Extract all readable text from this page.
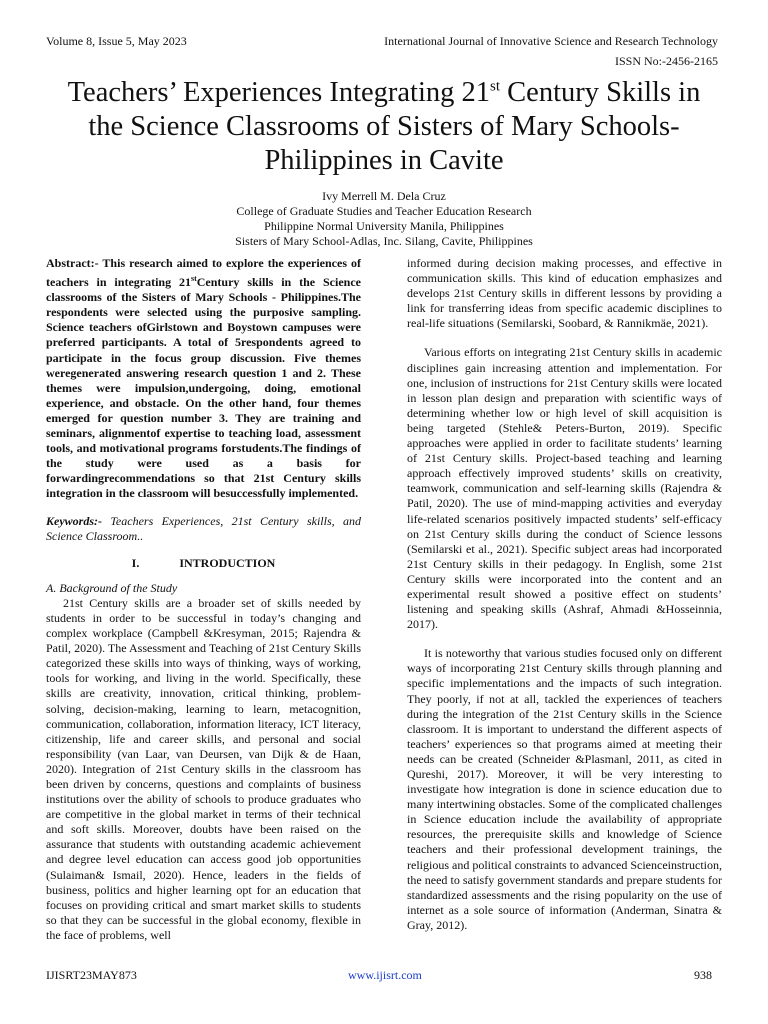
Volume 8, Issue 5, May 2023	International Journal of Innovative Science and Research Technology
ISSN No:-2456-2165
Teachers’ Experiences Integrating 21st Century Skills in the Science Classrooms of Sisters of Mary Schools-Philippines in Cavite
Ivy Merrell M. Dela Cruz
College of Graduate Studies and Teacher Education Research
Philippine Normal University Manila, Philippines
Sisters of Mary School-Adlas, Inc. Silang, Cavite, Philippines

Abstract:- This research aimed to explore the experiences of teachers in integrating 21stCentury skills in the Science classrooms of the Sisters of Mary Schools - Philippines.The respondents were selected using the purposive sampling. Science teachers ofGirlstown and Boystown campuses were preferred participants. A total of 5respondents agreed to participate in the focus group discussion. Five themes weregenerated answering research question 1 and 2. These themes were impulsion,undergoing, doing, emotional experience, and obstacle. On the other hand, four themes emerged for question number 3. They are training and seminars, alignmentof expertise to teaching load, assessment tools, and motivational programs forstudents.The findings of the study were used as a basis for forwardingrecommendations so that 21st Century skills integration in the classroom will besuccessfully implemented.

Keywords:- Teachers Experiences, 21st Century skills, and Science Classroom..

I.	INTRODUCTION

A. Background of the Study

21st Century skills are a broader set of skills needed by students in order to be successful in today’s changing and complex workplace (Campbell &Kresyman, 2015; Rajendra & Patil, 2020). The Assessment and Teaching of 21st Century Skills categorized these skills into ways of thinking, ways of working, tools for working, and living in the world. Specifically, these skills are creativity, innovation, critical thinking, problem-solving, decision-making, learning to learn, metacognition, communication, collaboration, information literacy, ICT literacy, citizenship, life and career skills, and personal and social responsibility (van Laar, van Deursen, van Dijk & de Haan, 2020). Integration of 21st Century skills in the classroom has been driven by concerns, questions and complaints of business institutions over the ability of schools to produce graduates who are competitive in the global market in terms of their technical and soft skills. Moreover, doubts have been raised on the assurance that students with outstanding academic achievement and degree level education can access good job opportunities (Sulaiman& Ismail, 2020). Hence, leaders in the fields of business, politics and higher learning opt for an education that focuses on providing critical and smart market skills to students so that they can be successful in the global economy, flexible in the face of problems, well

informed during decision making processes, and effective in communication skills. This kind of education emphasizes and develops 21st Century skills in different lessons by providing a link for transferring ideas from specific academic disciplines to real-life situations (Semilarski, Soobard, & Rannikmäe, 2021).

Various efforts on integrating 21st Century skills in academic disciplines gain increasing attention and implementation. For one, inclusion of instructions for 21st Century skills were located in lesson plan design and preparation with scientific ways of determining whether low or high level of skill acquisition is being targeted (Stehle& Peters-Burton, 2019). Specific approaches were applied in order to facilitate students’ learning of 21st Century skills. Project-based teaching and learning approach effectively improved students’ skills on creativity, teamwork, communication and self-learning skills (Rajendra & Patil, 2020). The use of mind-mapping activities and everyday life-related scenarios positively impacted students’ self-efficacy on 21st Century skills during the conduct of Science lessons (Semilarski et al., 2021). Specific subject areas had incorporated 21st Century skills in their pedagogy. In English, some 21st Century skills were incorporated into the content and an experimental result showed a positive effect on students’ listening and speaking skills (Ashraf, Ahmadi &Hosseinnia, 2017).

It is noteworthy that various studies focused only on different ways of incorporating 21st Century skills through planning and specific implementations and the impacts of such integration. They poorly, if not at all, tackled the experiences of teachers during the integration of the 21st Century skills in the Science classroom. It is important to understand the different aspects of teachers’ experiences so that programs aimed at meeting their needs can be created (Schneider &Plasmanl, 2011, as cited in Qureshi, 2017). Moreover, it will be very interesting to investigate how integration is done in science education due to many intertwining obstacles. Some of the complicated challenges in Science education include the availability of appropriate resources, the prerequisite skills and knowledge of Science teachers and their professional development trainings, the religious and political constraints to advanced Scienceinstruction, the need to satisfy government standards and prepare students for standardized assessments and the rising popularity on the use of internet as a sole source of information (Anderman, Sinatra & Gray, 2012).

IJISRT23MAY873	www.ijisrt.com	938
